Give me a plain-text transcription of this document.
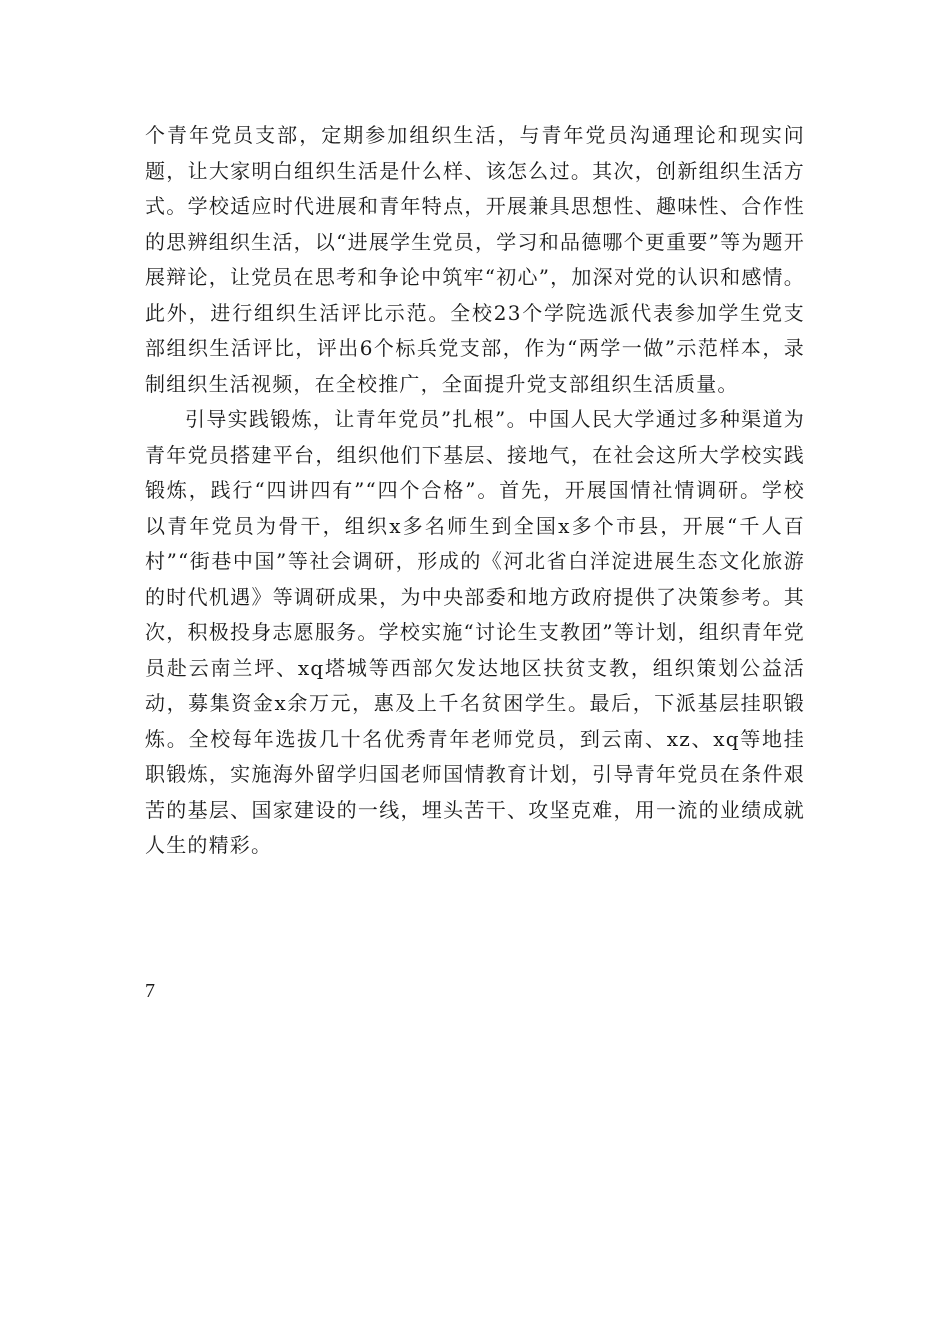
个青年党员支部，定期参加组织生活，与青年党员沟通理论和现实问题，让大家明白组织生活是什么样、该怎么过。其次，创新组织生活方式。学校适应时代进展和青年特点，开展兼具思想性、趣味性、合作性的思辨组织生活，以“进展学生党员，学习和品德哪个更重要”等为题开展辩论，让党员在思考和争论中筑牢“初心”，加深对党的认识和感情。此外，进行组织生活评比示范。全校23个学院选派代表参加学生党支部组织生活评比，评出6个标兵党支部，作为“两学一做”示范样本，录制组织生活视频，在全校推广，全面提升党支部组织生活质量。

引导实践锻炼，让青年党员”扎根”。中国人民大学通过多种渠道为青年党员搭建平台，组织他们下基层、接地气，在社会这所大学校实践锻炼，践行“四讲四有”“四个合格”。首先，开展国情社情调研。学校以青年党员为骨干，组织x多名师生到全国x多个市县，开展“千人百村”“街巷中国”等社会调研，形成的《河北省白洋淀进展生态文化旅游的时代机遇》等调研成果，为中央部委和地方政府提供了决策参考。其次，积极投身志愿服务。学校实施“讨论生支教团”等计划，组织青年党员赴云南兰坪、xq塔城等西部欠发达地区扶贫支教，组织策划公益活动，募集资金x余万元，惠及上千名贫困学生。最后，下派基层挂职锻炼。全校每年选拔几十名优秀青年老师党员，到云南、xz、xq等地挂职锻炼，实施海外留学归国老师国情教育计划，引导青年党员在条件艰苦的基层、国家建设的一线，埋头苦干、攻坚克难，用一流的业绩成就人生的精彩。

7
